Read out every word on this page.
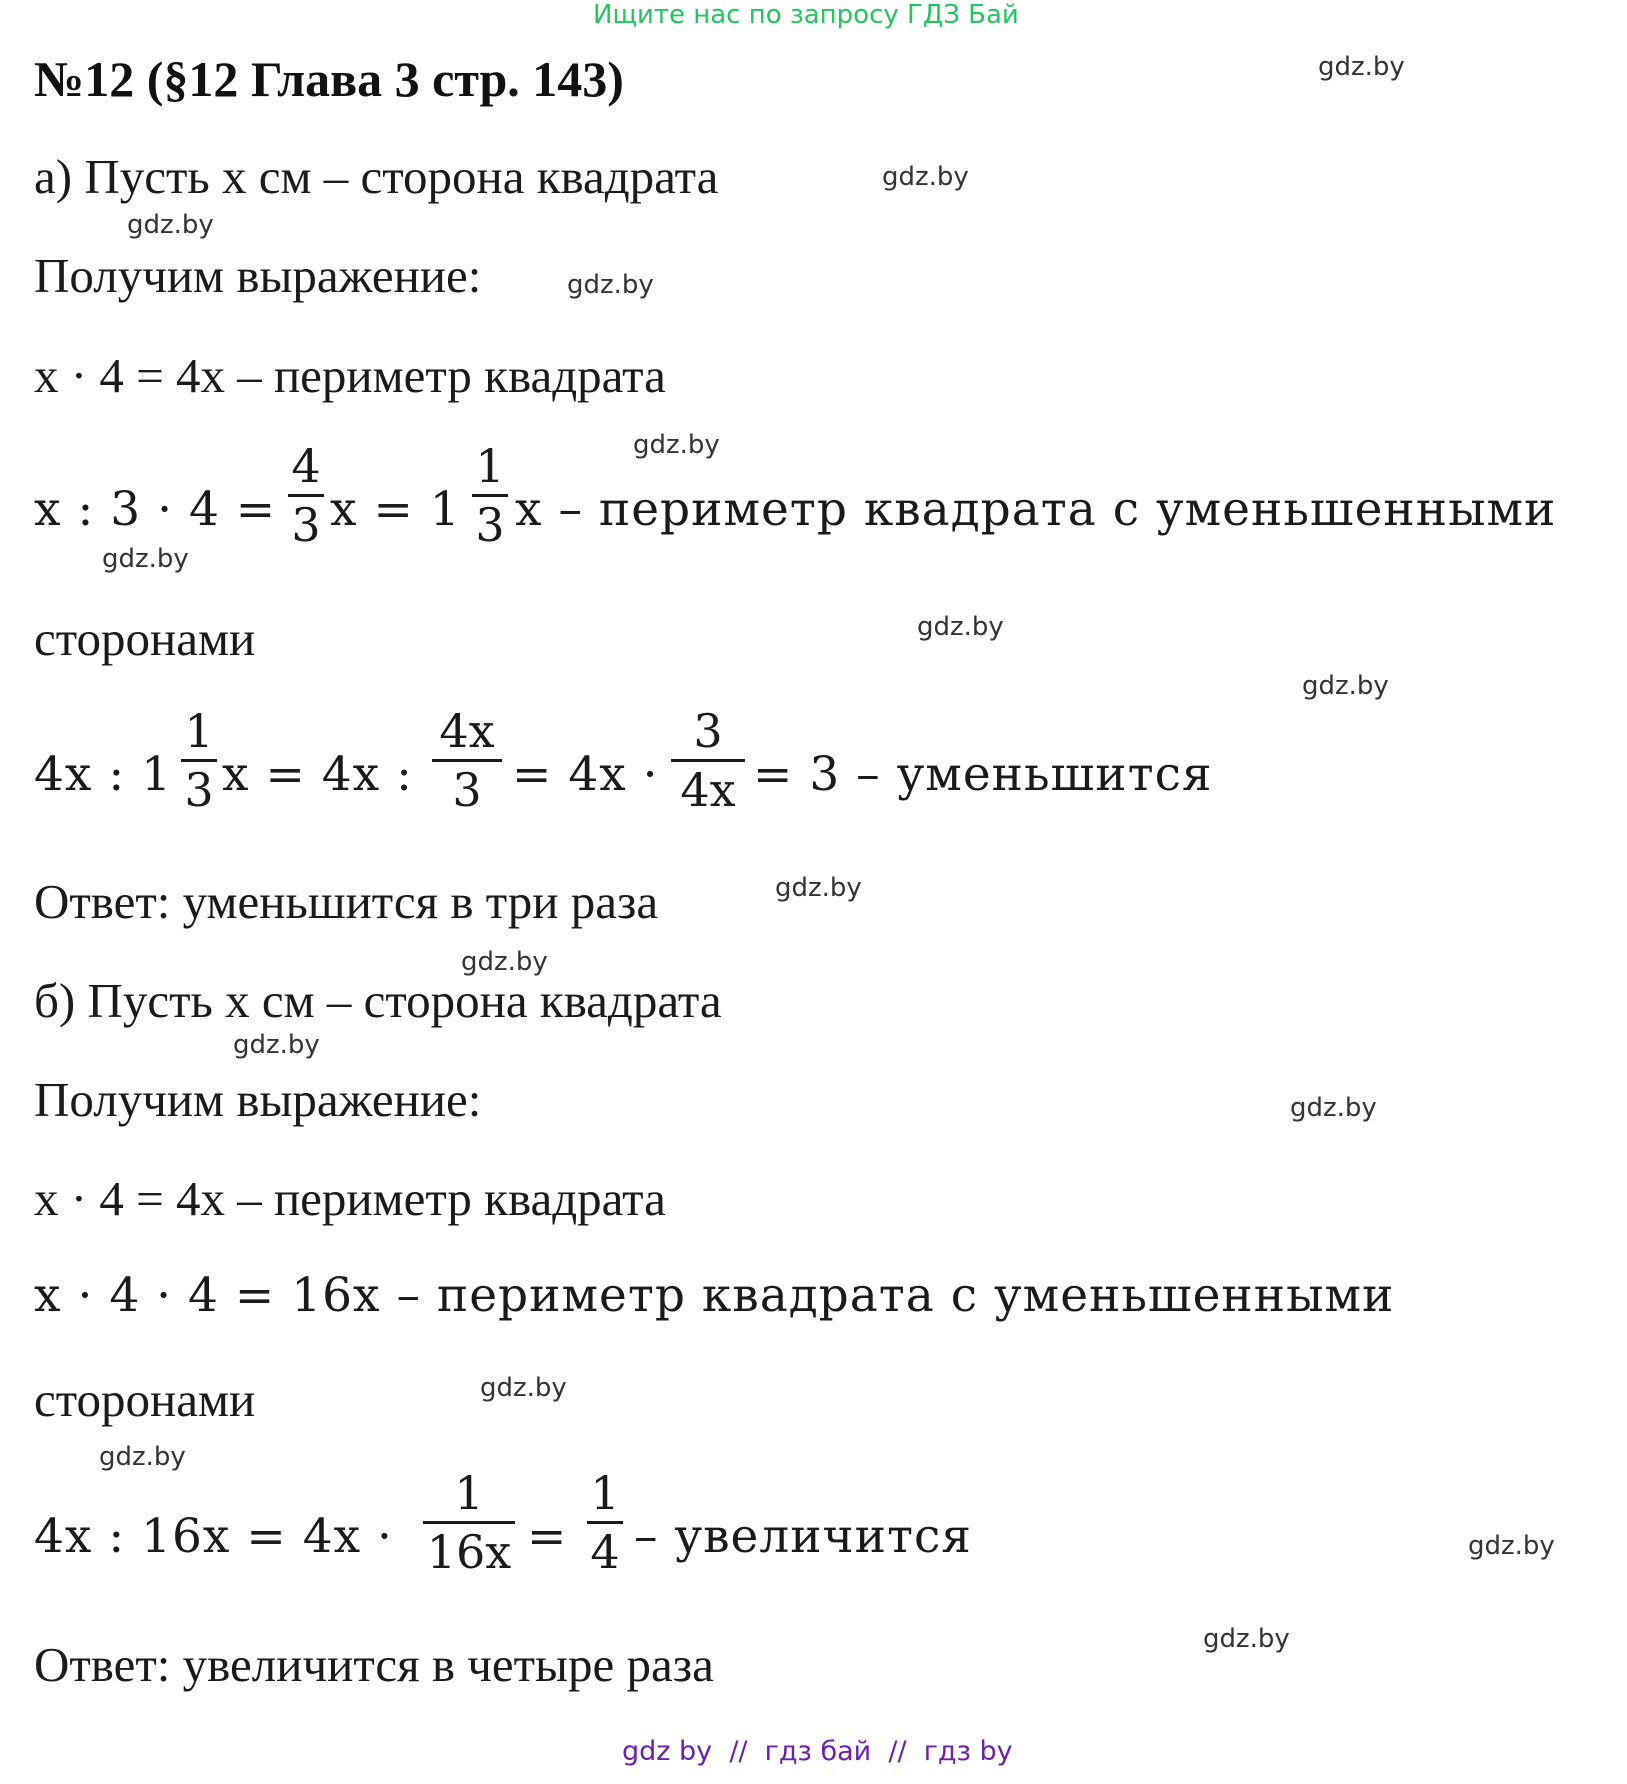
Ищите нас по запросу ГДЗ Бай
№12 (§12 Глава 3 стр. 143)	gdz.by
gdz.by
gdz.by
gdz.by
gdz.by
gdz.by
gdz.by
gdz.by
gdz.by
gdz.by
gdz.by
gdz.by
gdz.by
gdz.by
gdz.by
gdz.by
а) Пусть x см – сторона квадрата
Получим выражение:
x · 4 = 4x – периметр квадрата
x : 3 · 4 =
4
3 x = 1
1
3 x – периметр квадрата с уменьшенными
сторонами
4x : 1
1
3 x = 4x :
4x
3 = 4x ·
3
4x = 3 – уменьшится
Ответ: уменьшится в три раза
б) Пусть x см – сторона квадрата
Получим выражение:
x · 4 = 4x – периметр квадрата
x · 4 · 4 = 16x – периметр квадрата с уменьшенными
сторонами
4x : 16x = 4x ·
1
16x =
1
4 – увеличится
Ответ: увеличится в четыре раза
gdz by  //  гдз бай  //  гдз by
